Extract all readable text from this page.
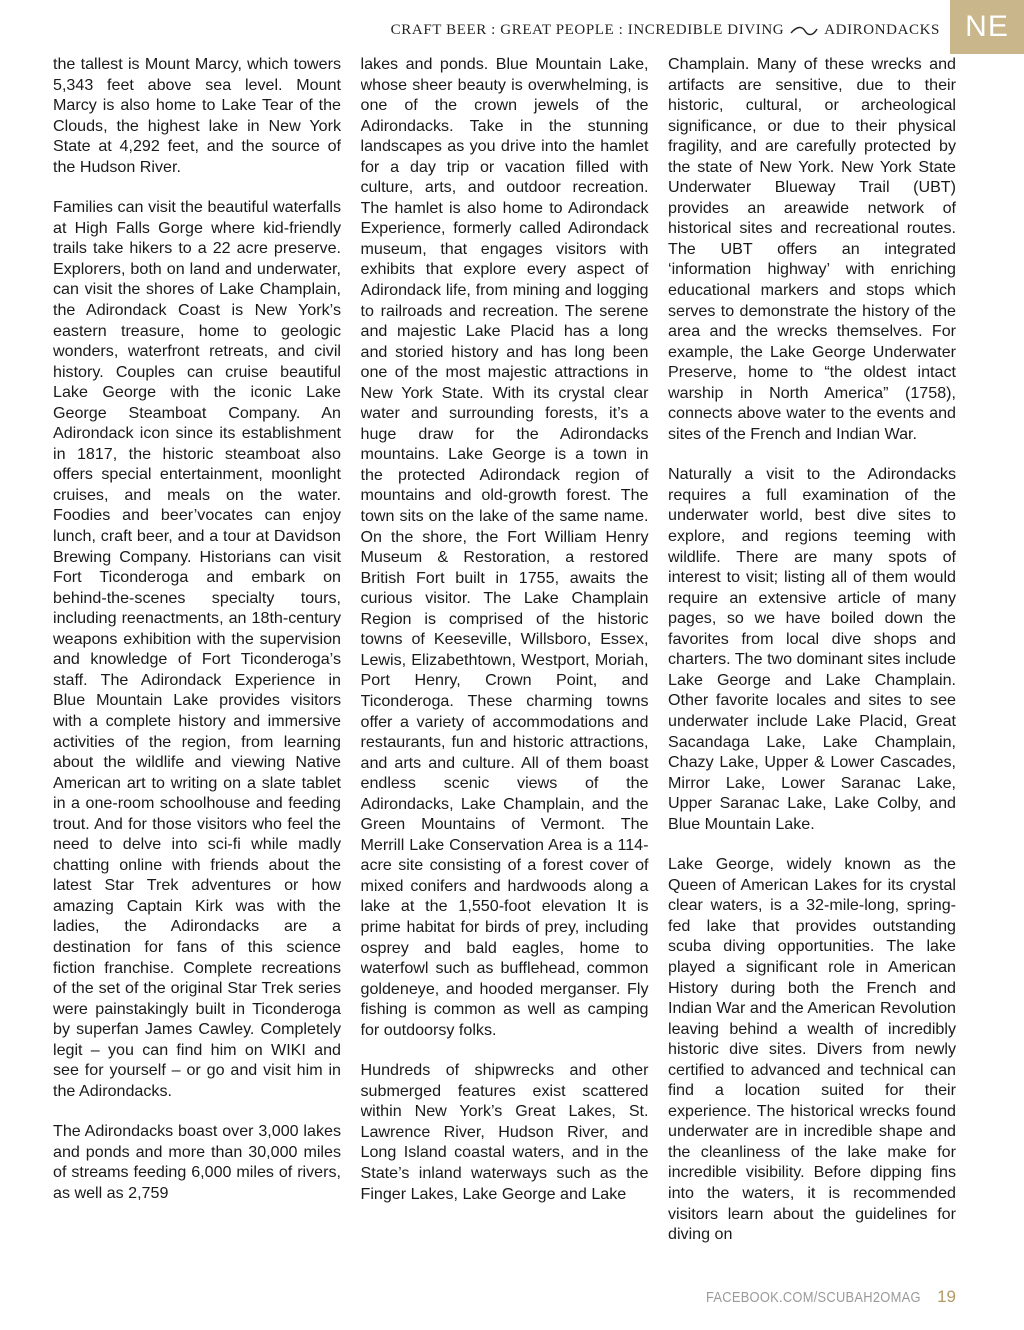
CRAFT BEER : GREAT PEOPLE : INCREDIBLE DIVING	ADIRONDACKS NE

the tallest is Mount Marcy, which towers 5,343 feet above sea level. Mount Marcy is also home to Lake Tear of the Clouds, the highest lake in New York State at 4,292 feet, and the source of the Hudson River.

Families can visit the beautiful waterfalls at High Falls Gorge where kid-friendly trails take hikers to a 22 acre preserve. Explorers, both on land and underwater, can visit the shores of Lake Champlain, the Adirondack Coast is New York’s eastern treasure, home to geologic wonders, waterfront retreats, and civil history. Couples can cruise beautiful Lake George with the iconic Lake George Steamboat Company. An Adirondack icon since its establishment in 1817, the historic steamboat also offers special entertainment, moonlight cruises, and meals on the water. Foodies and beer’vocates can enjoy lunch, craft beer, and a tour at Davidson Brewing Company. Historians can visit Fort Ticonderoga and embark on behind-the-scenes specialty tours, including reenactments, an 18th-century weapons exhibition with the supervision and knowledge of Fort Ticonderoga’s staff. The Adirondack Experience in Blue Mountain Lake provides visitors with a complete history and immersive activities of the region, from learning about the wildlife and viewing Native American art to writing on a slate tablet in a one-room schoolhouse and feeding trout. And for those visitors who feel the need to delve into sci-fi while madly chatting online with friends about the latest Star Trek adventures or how amazing Captain Kirk was with the ladies, the Adirondacks are a destination for fans of this science fiction franchise. Complete recreations of the set of the original Star Trek series were painstakingly built in Ticonderoga by superfan James Cawley. Completely legit – you can find him on WIKI and see for yourself – or go and visit him in the Adirondacks.

The Adirondacks boast over 3,000 lakes and ponds and more than 30,000 miles of streams feeding 6,000 miles of rivers, as well as 2,759

lakes and ponds. Blue Mountain Lake, whose sheer beauty is overwhelming, is one of the crown jewels of the Adirondacks. Take in the stunning landscapes as you drive into the hamlet for a day trip or vacation filled with culture, arts, and outdoor recreation. The hamlet is also home to Adirondack Experience, formerly called Adirondack museum, that engages visitors with exhibits that explore every aspect of Adirondack life, from mining and logging to railroads and recreation. The serene and majestic Lake Placid has a long and storied history and has long been one of the most majestic attractions in New York State. With its crystal clear water and surrounding forests, it’s a huge draw for the Adirondacks mountains. Lake George is a town in the protected Adirondack region of mountains and old-growth forest. The town sits on the lake of the same name. On the shore, the Fort William Henry Museum & Restoration, a restored British Fort built in 1755, awaits the curious visitor. The Lake Champlain Region is comprised of the historic towns of Keeseville, Willsboro, Essex, Lewis, Elizabethtown, Westport, Moriah, Port Henry, Crown Point, and Ticonderoga. These charming towns offer a variety of accommodations and restaurants, fun and historic attractions, and arts and culture. All of them boast endless scenic views of the Adirondacks, Lake Champlain, and the Green Mountains of Vermont. The Merrill Lake Conservation Area is a 114-acre site consisting of a forest cover of mixed conifers and hardwoods along a lake at the 1,550-foot elevation It is prime habitat for birds of prey, including osprey and bald eagles, home to waterfowl such as bufflehead, common goldeneye, and hooded merganser. Fly fishing is common as well as camping for outdoorsy folks.

Hundreds of shipwrecks and other submerged features exist scattered within New York’s Great Lakes, St. Lawrence River, Hudson River, and Long Island coastal waters, and in the State’s inland waterways such as the Finger Lakes, Lake George and Lake

Champlain. Many of these wrecks and artifacts are sensitive, due to their historic, cultural, or archeological significance, or due to their physical fragility, and are carefully protected by the state of New York. New York State Underwater Blueway Trail (UBT) provides an areawide network of historical sites and recreational routes. The UBT offers an integrated ‘information highway’ with enriching educational markers and stops which serves to demonstrate the history of the area and the wrecks themselves. For example, the Lake George Underwater Preserve, home to “the oldest intact warship in North America” (1758), connects above water to the events and sites of the French and Indian War.

Naturally a visit to the Adirondacks requires a full examination of the underwater world, best dive sites to explore, and regions teeming with wildlife. There are many spots of interest to visit; listing all of them would require an extensive article of many pages, so we have boiled down the favorites from local dive shops and charters. The two dominant sites include Lake George and Lake Champlain. Other favorite locales and sites to see underwater include Lake Placid, Great Sacandaga Lake, Lake Champlain, Chazy Lake, Upper & Lower Cascades, Mirror Lake, Lower Saranac Lake, Upper Saranac Lake, Lake Colby, and Blue Mountain Lake.

Lake George, widely known as the Queen of American Lakes for its crystal clear waters, is a 32-mile-long, spring-fed lake that provides outstanding scuba diving opportunities. The lake played a significant role in American History during both the French and Indian War and the American Revolution leaving behind a wealth of incredibly historic dive sites. Divers from newly certified to advanced and technical can find a location suited for their experience. The historical wrecks found underwater are in incredible shape and the cleanliness of the lake make for incredible visibility. Before dipping fins into the waters, it is recommended visitors learn about the guidelines for diving on

FACEBOOK.COM/SCUBAH2OMAG 19
